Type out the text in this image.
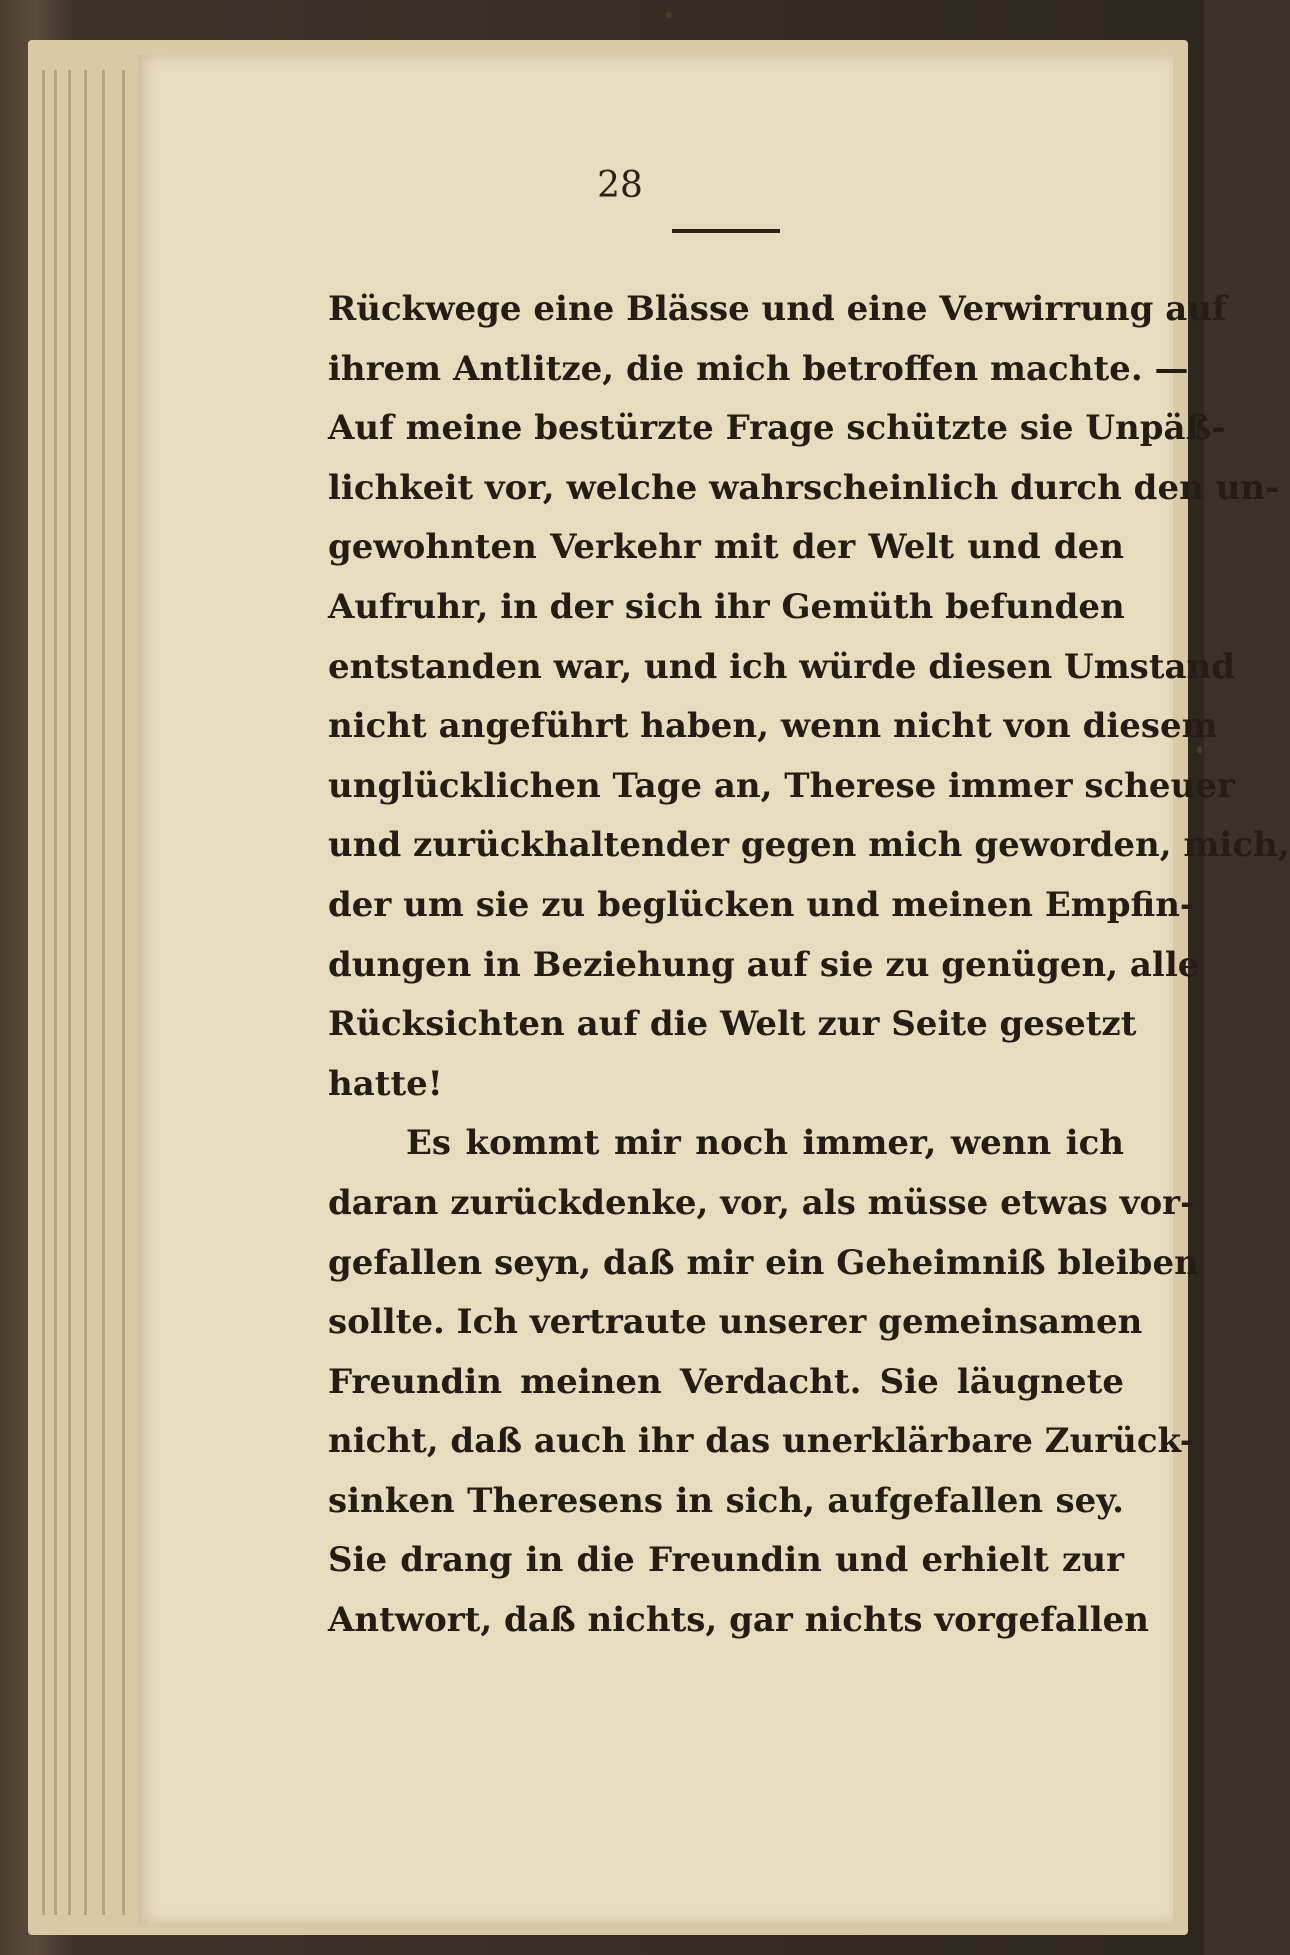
28
Rückwege eine Blässe und eine Verwirrung auf
ihrem Antlitze, die mich betroffen machte. —
Auf meine bestürzte Frage schützte sie Unpäß-
lichkeit vor, welche wahrscheinlich durch den un-
gewohnten Verkehr mit der Welt und den
Aufruhr, in der sich ihr Gemüth befunden
entstanden war, und ich würde diesen Umstand
nicht angeführt haben, wenn nicht von diesem
unglücklichen Tage an, Therese immer scheuer
und zurückhaltender gegen mich geworden, mich,
der um sie zu beglücken und meinen Empfin-
dungen in Beziehung auf sie zu genügen, alle
Rücksichten auf die Welt zur Seite gesetzt
hatte!
Es kommt mir noch immer, wenn ich
daran zurückdenke, vor, als müsse etwas vor-
gefallen seyn, daß mir ein Geheimniß bleiben
sollte. Ich vertraute unserer gemeinsamen
Freundin meinen Verdacht. Sie läugnete
nicht, daß auch ihr das unerklärbare Zurück-
sinken Theresens in sich, aufgefallen sey.
Sie drang in die Freundin und erhielt zur
Antwort, daß nichts, gar nichts vorgefallen
